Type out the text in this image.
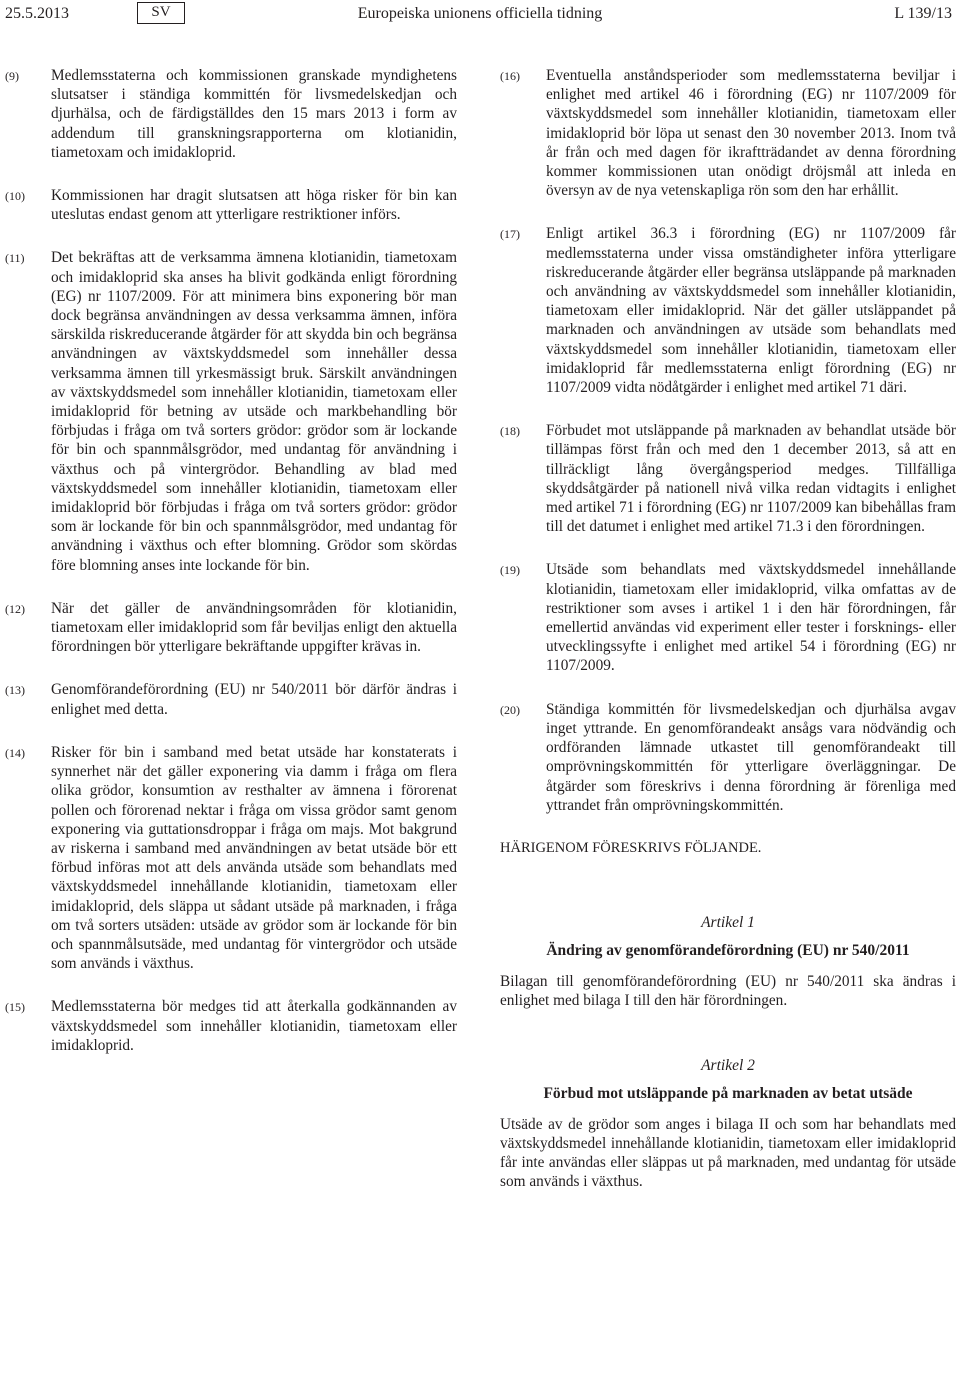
25.5.2013	SV	Europeiska unionens officiella tidning	L 139/13
(9)	Medlemsstaterna och kommissionen granskade myndighetens slutsatser i ständiga kommittén för livsmedelskedjan och djurhälsa, och de färdigställdes den 15 mars 2013 i form av addendum till granskningsrapporterna om klotianidin, tiametoxam och imidakloprid.
(10)	Kommissionen har dragit slutsatsen att höga risker för bin kan uteslutas endast genom att ytterligare restriktioner införs.
(11)	Det bekräftas att de verksamma ämnena klotianidin, tiametoxam och imidakloprid ska anses ha blivit godkända enligt förordning (EG) nr 1107/2009. För att minimera bins exponering bör man dock begränsa användningen av dessa verksamma ämnen, införa särskilda riskreducerande åtgärder för att skydda bin och begränsa användningen av växtskyddsmedel som innehåller dessa verksamma ämnen till yrkesmässigt bruk. Särskilt användningen av växtskyddsmedel som innehåller klotianidin, tiametoxam eller imidakloprid för betning av utsäde och markbehandling bör förbjudas i fråga om två sorters grödor: grödor som är lockande för bin och spannmålsgrödor, med undantag för användning i växthus och på vintergrödor. Behandling av blad med växtskyddsmedel som innehåller klotianidin, tiametoxam eller imidakloprid bör förbjudas i fråga om två sorters grödor: grödor som är lockande för bin och spannmålsgrödor, med undantag för användning i växthus och efter blomning. Grödor som skördas före blomning anses inte lockande för bin.
(12)	När det gäller de användningsområden för klotianidin, tiametoxam eller imidakloprid som får beviljas enligt den aktuella förordningen bör ytterligare bekräftande uppgifter krävas in.
(13)	Genomförandeförordning (EU) nr 540/2011 bör därför ändras i enlighet med detta.
(14)	Risker för bin i samband med betat utsäde har konstaterats i synnerhet när det gäller exponering via damm i fråga om flera olika grödor, konsumtion av resthalter av ämnena i förorenat pollen och förorenad nektar i fråga om vissa grödor samt genom exponering via guttationsdroppar i fråga om majs. Mot bakgrund av riskerna i samband med användningen av betat utsäde bör ett förbud införas mot att dels använda utsäde som behandlats med växtskyddsmedel innehållande klotianidin, tiametoxam eller imidakloprid, dels släppa ut sådant utsäde på marknaden, i fråga om två sorters utsäden: utsäde av grödor som är lockande för bin och spannmålsutsäde, med undantag för vintergrödor och utsäde som används i växthus.
(15)	Medlemsstaterna bör medges tid att återkalla godkännanden av växtskyddsmedel som innehåller klotianidin, tiametoxam eller imidakloprid.
(16)	Eventuella anståndsperioder som medlemsstaterna beviljar i enlighet med artikel 46 i förordning (EG) nr 1107/2009 för växtskyddsmedel som innehåller klotianidin, tiametoxam eller imidakloprid bör löpa ut senast den 30 november 2013. Inom två år från och med dagen för ikraftträdandet av denna förordning kommer kommissionen utan onödigt dröjsmål att inleda en översyn av de nya vetenskapliga rön som den har erhållit.
(17)	Enligt artikel 36.3 i förordning (EG) nr 1107/2009 får medlemsstaterna under vissa omständigheter införa ytterligare riskreducerande åtgärder eller begränsa utsläppande på marknaden och användning av växtskyddsmedel som innehåller klotianidin, tiametoxam eller imidakloprid. När det gäller utsläppandet på marknaden och användningen av utsäde som behandlats med växtskyddsmedel som innehåller klotianidin, tiametoxam eller imidakloprid får medlemsstaterna enligt förordning (EG) nr 1107/2009 vidta nödåtgärder i enlighet med artikel 71 däri.
(18)	Förbudet mot utsläppande på marknaden av behandlat utsäde bör tillämpas först från och med den 1 december 2013, så att en tillräckligt lång övergångsperiod medges. Tillfälliga skyddsåtgärder på nationell nivå vilka redan vidtagits i enlighet med artikel 71 i förordning (EG) nr 1107/2009 kan bibehållas fram till det datumet i enlighet med artikel 71.3 i den förordningen.
(19)	Utsäde som behandlats med växtskyddsmedel innehållande klotianidin, tiametoxam eller imidakloprid, vilka omfattas av de restriktioner som avses i artikel 1 i den här förordningen, får emellertid användas vid experiment eller tester i forsknings- eller utvecklingssyfte i enlighet med artikel 54 i förordning (EG) nr 1107/2009.
(20)	Ständiga kommittén för livsmedelskedjan och djurhälsa avgav inget yttrande. En genomförandeakt ansågs vara nödvändig och ordföranden lämnade utkastet till genomförandeakt till omprövningskommittén för ytterligare överläggningar. De åtgärder som föreskrivs i denna förordning är förenliga med yttrandet från omprövningskommittén.
HÄRIGENOM FÖRESKRIVS FÖLJANDE.
Artikel 1
Ändring av genomförandeförordning (EU) nr 540/2011
Bilagan till genomförandeförordning (EU) nr 540/2011 ska ändras i enlighet med bilaga I till den här förordningen.
Artikel 2
Förbud mot utsläppande på marknaden av betat utsäde
Utsäde av de grödor som anges i bilaga II och som har behandlats med växtskyddsmedel innehållande klotianidin, tiametoxam eller imidakloprid får inte användas eller släppas ut på marknaden, med undantag för utsäde som används i växthus.
